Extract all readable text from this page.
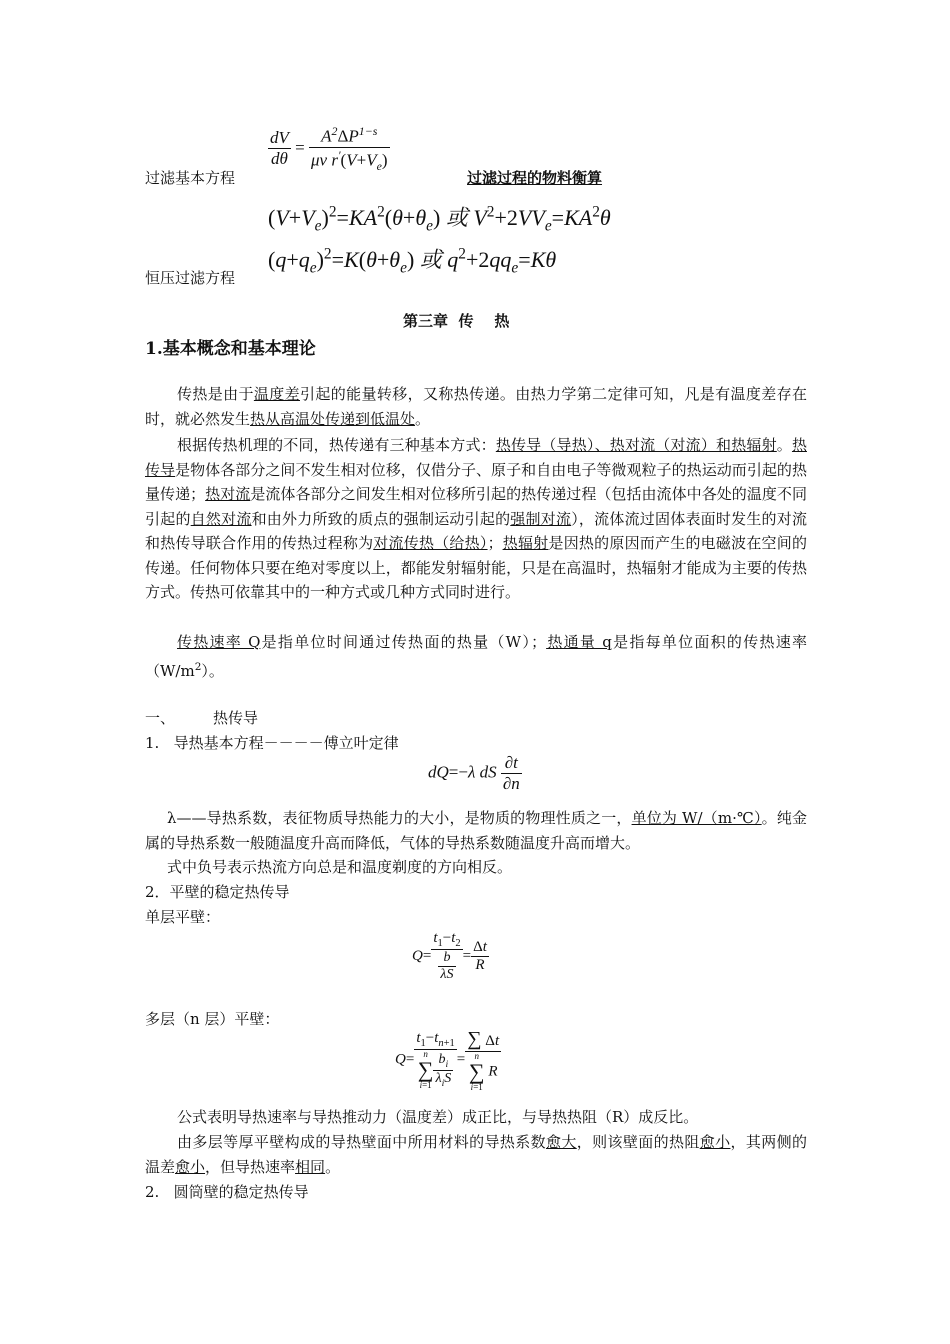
过滤基本方程
$\frac{dV}{d\theta} = \frac{A^2\Delta P^{1-s}}{\mu v r'(V+V_e)}$
过滤过程的物料衡算
$(V+V_e)^2=KA^2(\theta+\theta_e)$ 或 $V^2+2VV_e=KA^2\theta$
$(q+q_e)^2=K(\theta+\theta_e)$ 或 $q^2+2qq_e=K\theta$
恒压过滤方程
第三章  传    热
1.基本概念和基本理论
传热是由于温度差引起的能量转移，又称热传递。由热力学第二定律可知，凡是有温度差存在时，就必然发生热从高温处传递到低温处。
根据传热机理的不同，热传递有三种基本方式：热传导（导热）、热对流（对流）和热辐射。热传导是物体各部分之间不发生相对位移，仅借分子、原子和自由电子等微观粒子的热运动而引起的热量传递；热对流是流体各部分之间发生相对位移所引起的热传递过程（包括由流体中各处的温度不同引起的自然对流和由外力所致的质点的强制运动引起的强制对流），流体流过固体表面时发生的对流和热传导联合作用的传热过程称为对流传热（给热）；热辐射是因热的原因而产生的电磁波在空间的传递。任何物体只要在绝对零度以上，都能发射辐射能，只是在高温时，热辐射才能成为主要的传热方式。传热可依靠其中的一种方式或几种方式同时进行。
传热速率 Q是指单位时间通过传热面的热量（W）；热通量 q是指每单位面积的传热速率$(W/m^2)$。
一、	热传导
1.   导热基本方程－－－－傅立叶定律
dQ=−λ dS $\frac{\partial t}{\partial n}$
λ——导热系数，表征物质导热能力的大小，是物质的物理性质之一，单位为 W/（m·℃）。纯金属的导热系数一般随温度升高而降低，气体的导热系数随温度升高而增大。
式中负号表示热流方向总是和温度剃度的方向相反。
2．平壁的稳定热传导
单层平壁：
$Q= \frac{t_1-t_2}{\frac{b}{\lambda S}} = \frac{\Delta t}{R}$
多层（n 层）平壁：
$Q= t_1-t_{n+1}$
n
∑
$i=1 \frac{b_i}{\lambda_iS}$ = ∑ Δt
n
∑
i=1
R
公式表明导热速率与导热推动力（温度差）成正比，与导热热阻（R）成反比。
由多层等厚平壁构成的导热壁面中所用材料的导热系数愈大，则该壁面的热阻愈小，其两侧的温差愈小，但导热速率相同。
2.   圆筒壁的稳定热传导
